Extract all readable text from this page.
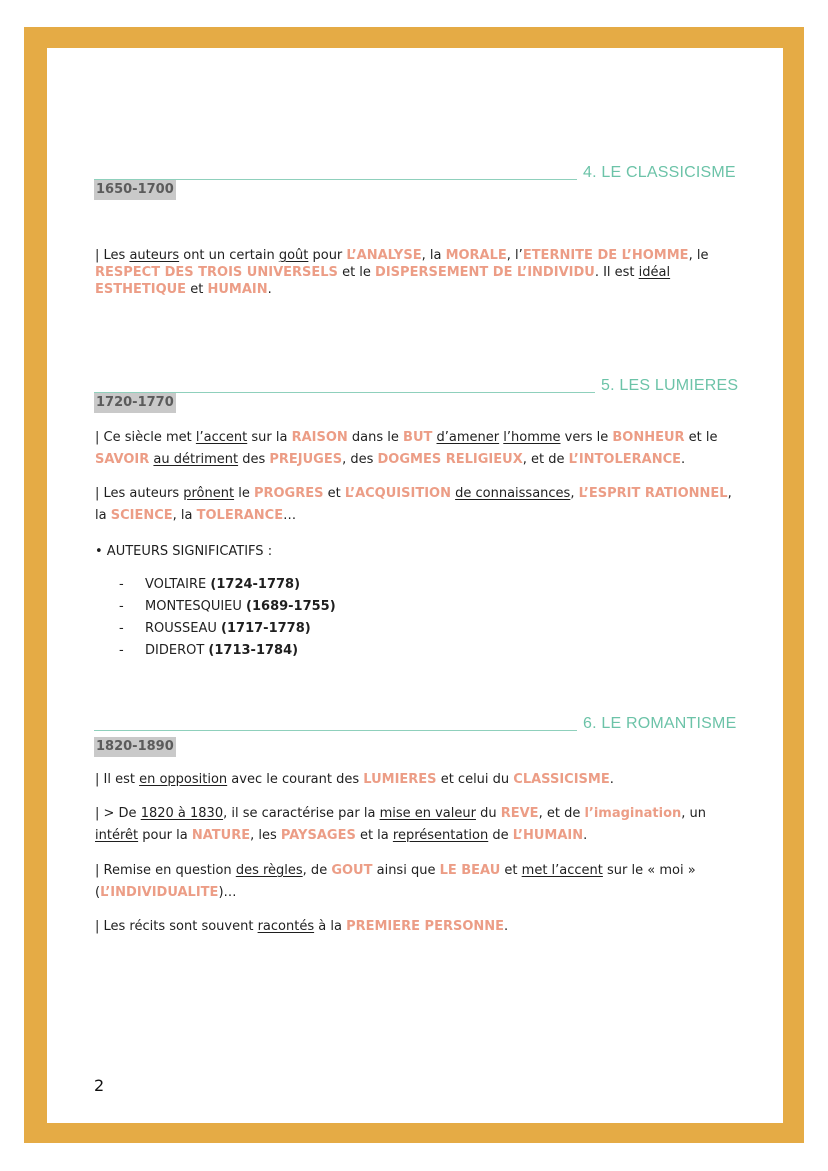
4. LE CLASSICISME
1650-1700

| Les auteurs ont un certain goût pour L’ANALYSE, la MORALE, l’ETERNITE DE L’HOMME, le RESPECT DES TROIS UNIVERSELS et le DISPERSEMENT DE L’INDIVIDU. Il est idéal ESTHETIQUE et HUMAIN.

5. LES LUMIERES
1720-1770

| Ce siècle met l’accent sur la RAISON dans le BUT d’amener l’homme vers le BONHEUR et le SAVOIR au détriment des PREJUGES, des DOGMES RELIGIEUX, et de L’INTOLERANCE.

| Les auteurs prônent le PROGRES et L’ACQUISITION de connaissances, L’ESPRIT RATIONNEL, la SCIENCE, la TOLERANCE…

• AUTEURS SIGNIFICATIFS :
- VOLTAIRE (1724-1778)
- MONTESQUIEU (1689-1755)
- ROUSSEAU (1717-1778)
- DIDEROT (1713-1784)
6. LE ROMANTISME
1820-1890

| Il est en opposition avec le courant des LUMIERES et celui du CLASSICISME.

| > De 1820 à 1830, il se caractérise par la mise en valeur du REVE, et de l’imagination, un intérêt pour la NATURE, les PAYSAGES et la représentation de L’HUMAIN.

| Remise en question des règles, de GOUT ainsi que LE BEAU et met l’accent sur le « moi » (L’INDIVIDUALITE)…

| Les récits sont souvent racontés à la PREMIERE PERSONNE.

2
